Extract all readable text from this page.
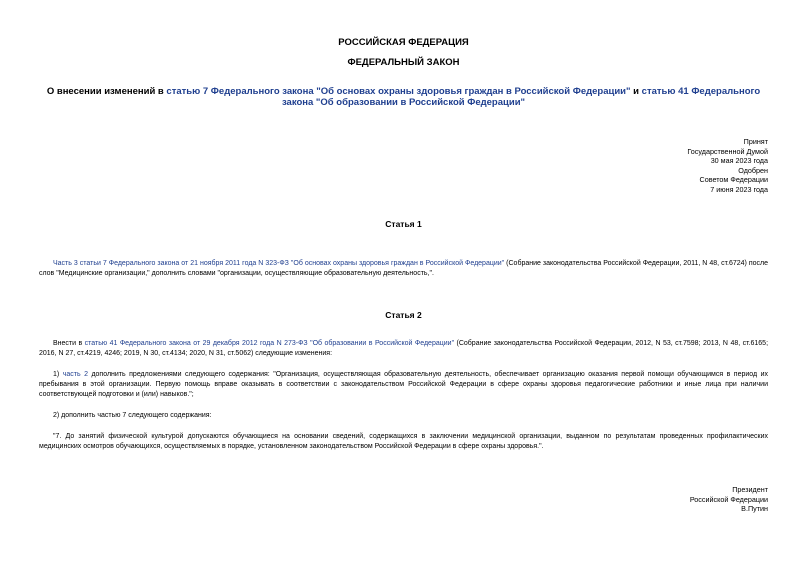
РОССИЙСКАЯ ФЕДЕРАЦИЯ
ФЕДЕРАЛЬНЫЙ ЗАКОН
О внесении изменений в статью 7 Федерального закона "Об основах охраны здоровья граждан в Российской Федерации" и статью 41 Федерального закона "Об образовании в Российской Федерации"
Принят
Государственной Думой
30 мая 2023 года
Одобрен
Советом Федерации
7 июня 2023 года
Статья 1
Часть 3 статьи 7 Федерального закона от 21 ноября 2011 года N 323-ФЗ "Об основах охраны здоровья граждан в Российской Федерации" (Собрание законодательства Российской Федерации, 2011, N 48, ст.6724) после слов "Медицинские организации," дополнить словами "организации, осуществляющие образовательную деятельность,".
Статья 2
Внести в статью 41 Федерального закона от 29 декабря 2012 года N 273-ФЗ "Об образовании в Российской Федерации" (Собрание законодательства Российской Федерации, 2012, N 53, ст.7598; 2013, N 48, ст.6165; 2016, N 27, ст.4219, 4246; 2019, N 30, ст.4134; 2020, N 31, ст.5062) следующие изменения:
1) часть 2 дополнить предложениями следующего содержания: "Организация, осуществляющая образовательную деятельность, обеспечивает организацию оказания первой помощи обучающимся в период их пребывания в этой организации. Первую помощь вправе оказывать в соответствии с законодательством Российской Федерации в сфере охраны здоровья педагогические работники и иные лица при наличии соответствующей подготовки и (или) навыков.";
2) дополнить частью 7 следующего содержания:
"7. До занятий физической культурой допускаются обучающиеся на основании сведений, содержащихся в заключении медицинской организации, выданном по результатам проведенных профилактических медицинских осмотров обучающихся, осуществляемых в порядке, установленном законодательством Российской Федерации в сфере охраны здоровья.".
Президент
Российской Федерации
В.Путин
